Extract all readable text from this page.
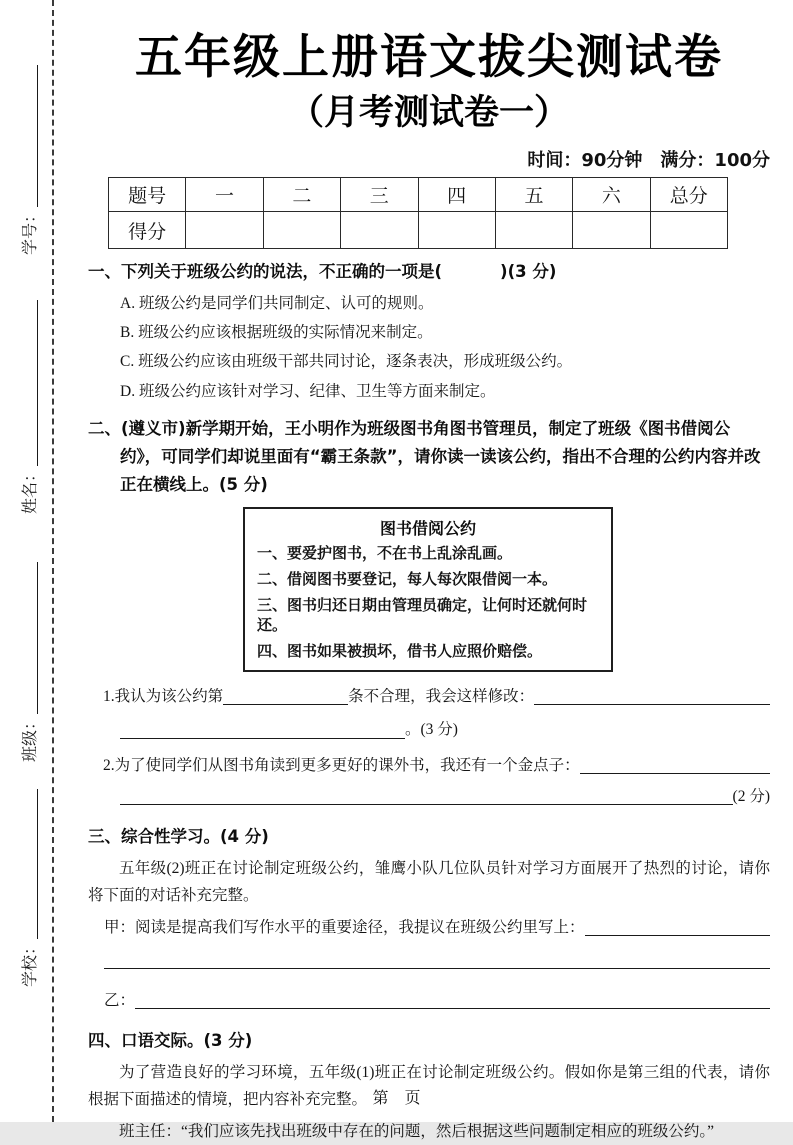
学号：
姓名：
班级：
学校：
五年级上册语文拔尖测试卷
（月考测试卷一）
时间：90分钟　满分：100分
题号	一	二	三	四	五	六	总分
得分							
一、下列关于班级公约的说法，不正确的一项是(	)(3 分)
A. 班级公约是同学们共同制定、认可的规则。
B. 班级公约应该根据班级的实际情况来制定。
C. 班级公约应该由班级干部共同讨论，逐条表决，形成班级公约。
D. 班级公约应该针对学习、纪律、卫生等方面来制定。
二、(遵义市)新学期开始，王小明作为班级图书角图书管理员，制定了班级《图书借阅公约》，可同学们却说里面有“霸王条款”，请你读一读该公约，指出不合理的公约内容并改正在横线上。(5 分)
图书借阅公约
一、要爱护图书，不在书上乱涂乱画。
二、借阅图书要登记，每人每次限借阅一本。
三、图书归还日期由管理员确定，让何时还就何时还。
四、图书如果被损坏，借书人应照价赔偿。
1.我认为该公约第	条不合理，我会这样修改：
。(3 分)
2.为了使同学们从图书角读到更多更好的课外书，我还有一个金点子：
(2 分)
三、综合性学习。(4 分)
五年级(2)班正在讨论制定班级公约，雏鹰小队几位队员针对学习方面展开了热烈的讨论，请你将下面的对话补充完整。
甲：阅读是提高我们写作水平的重要途径，我提议在班级公约里写上：
乙：
四、口语交际。(3 分)
为了营造良好的学习环境，五年级(1)班正在讨论制定班级公约。假如你是第三组的代表，请你根据下面描述的情境，把内容补充完整。
班主任：“我们应该先找出班级中存在的问题，然后根据这些问题制定相应的班级公约。”
第　页
